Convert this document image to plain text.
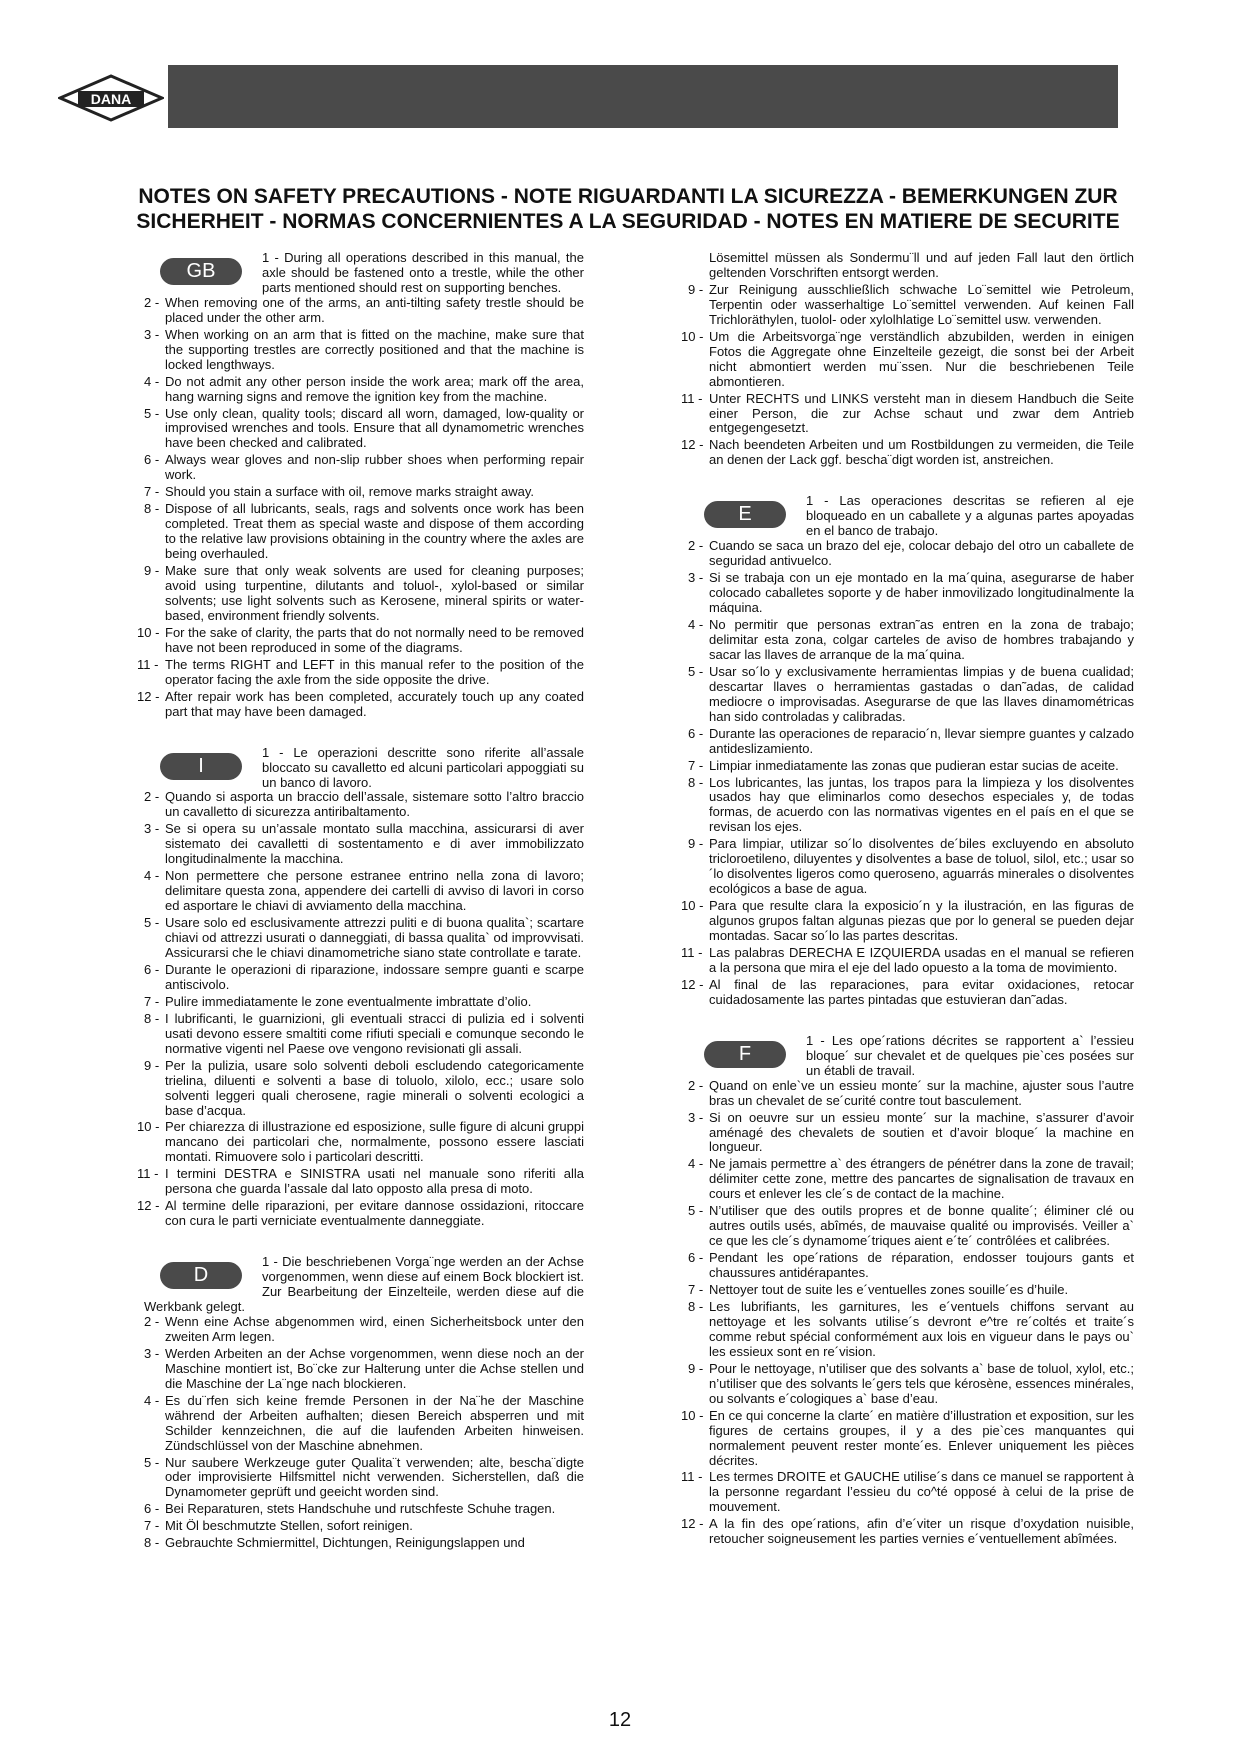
DANA
NOTES ON SAFETY PRECAUTIONS - NOTE RIGUARDANTI LA SICUREZZA - BEMERKUNGEN ZUR SICHERHEIT - NORMAS CONCERNIENTES A LA SEGURIDAD - NOTES EN MATIERE DE SECURITE
GB
1 - During all operations described in this manual, the axle should be fastened onto a trestle, while the other parts mentioned should rest on supporting benches.
2 - When removing one of the arms, an anti-tilting safety trestle should be placed under the other arm.
3 - When working on an arm that is fitted on the machine, make sure that the supporting trestles are correctly positioned and that the machine is locked lengthways.
4 - Do not admit any other person inside the work area; mark off the area, hang warning signs and remove the ignition key from the machine.
5 - Use only clean, quality tools; discard all worn, damaged, low-quality or improvised wrenches and tools. Ensure that all dynamometric wrenches have been checked and calibrated.
6 - Always wear gloves and non-slip rubber shoes when performing repair work.
7 - Should you stain a surface with oil, remove marks straight away.
8 - Dispose of all lubricants, seals, rags and solvents once work has been completed. Treat them as special waste and dispose of them according to the relative law provisions obtaining in the country where the axles are being overhauled.
9 - Make sure that only weak solvents are used for cleaning purposes; avoid using turpentine, dilutants and toluol-, xylol-based or similar solvents; use light solvents such as Kerosene, mineral spirits or water-based, environment friendly solvents.
10 - For the sake of clarity, the parts that do not normally need to be removed have not been reproduced in some of the diagrams.
11 - The terms RIGHT and LEFT in this manual refer to the position of the operator facing the axle from the side opposite the drive.
12 - After repair work has been completed, accurately touch up any coated part that may have been damaged.
I
1 - Le operazioni descritte sono riferite all’assale bloccato su cavalletto ed alcuni particolari appoggiati su un banco di lavoro.
2 - Quando si asporta un braccio dell’assale, sistemare sotto l’altro braccio un cavalletto di sicurezza antiribaltamento.
3 - Se si opera su un’assale montato sulla macchina, assicurarsi di aver sistemato dei cavalletti di sostentamento e di aver immobilizzato longitudinalmente la macchina.
4 - Non permettere che persone estranee entrino nella zona di lavoro; delimitare questa zona, appendere dei cartelli di avviso di lavori in corso ed asportare le chiavi di avviamento della macchina.
5 - Usare solo ed esclusivamente attrezzi puliti e di buona qualita`; scartare chiavi od attrezzi usurati o danneggiati, di bassa qualita` od improvvisati. Assicurarsi che le chiavi dinamometriche siano state controllate e tarate.
6 - Durante le operazioni di riparazione, indossare sempre guanti e scarpe antiscivolo.
7 - Pulire immediatamente le zone eventualmente imbrattate d’olio.
8 - I lubrificanti, le guarnizioni, gli eventuali stracci di pulizia ed i solventi usati devono essere smaltiti come rifiuti speciali e comunque secondo le normative vigenti nel Paese ove vengono revisionati gli assali.
9 - Per la pulizia, usare solo solventi deboli escludendo categoricamente trielina, diluenti e solventi a base di toluolo, xilolo, ecc.; usare solo solventi leggeri quali cherosene, ragie minerali o solventi ecologici a base d’acqua.
10 - Per chiarezza di illustrazione ed esposizione, sulle figure di alcuni gruppi mancano dei particolari che, normalmente, possono essere lasciati montati. Rimuovere solo i particolari descritti.
11 - I termini DESTRA e SINISTRA usati nel manuale sono riferiti alla persona che guarda l’assale dal lato opposto alla presa di moto.
12 - Al termine delle riparazioni, per evitare dannose ossidazioni, ritoccare con cura le parti verniciate eventualmente danneggiate.
D
1 - Die beschriebenen Vorga¨nge werden an der Achse vorgenommen, wenn diese auf einem Bock blockiert ist. Zur Bearbeitung der Einzelteile, werden diese auf die Werkbank gelegt.
2 - Wenn eine Achse abgenommen wird, einen Sicherheitsbock unter den zweiten Arm legen.
3 - Werden Arbeiten an der Achse vorgenommen, wenn diese noch an der Maschine montiert ist, Bo¨cke zur Halterung unter die Achse stellen und die Maschine der La¨nge nach blockieren.
4 - Es du¨rfen sich keine fremde Personen in der Na¨he der Maschine während der Arbeiten aufhalten; diesen Bereich absperren und mit Schilder kennzeichnen, die auf die laufenden Arbeiten hinweisen. Zündschlüssel von der Maschine abnehmen.
5 - Nur saubere Werkzeuge guter Qualita¨t verwenden; alte, bescha¨digte oder improvisierte Hilfsmittel nicht verwenden. Sicherstellen, daß die Dynamometer geprüft und geeicht worden sind.
6 - Bei Reparaturen, stets Handschuhe und rutschfeste Schuhe tragen.
7 - Mit Öl beschmutzte Stellen, sofort reinigen.
8 - Gebrauchte Schmiermittel, Dichtungen, Reinigungslappen und

Lösemittel müssen als Sondermu¨ll und auf jeden Fall laut den örtlich geltenden Vorschriften entsorgt werden.

9 - Zur Reinigung ausschließlich schwache Lo¨semittel wie Petroleum, Terpentin oder wasserhaltige Lo¨semittel verwenden. Auf keinen Fall Trichloräthylen, tuolol- oder xylolhlatige Lo¨semittel usw. verwenden.
10 - Um die Arbeitsvorga¨nge verständlich abzubilden, werden in einigen Fotos die Aggregate ohne Einzelteile gezeigt, die sonst bei der Arbeit nicht abmontiert werden mu¨ssen. Nur die beschriebenen Teile abmontieren.
11 - Unter RECHTS und LINKS versteht man in diesem Handbuch die Seite einer Person, die zur Achse schaut und zwar dem Antrieb entgegengesetzt.
12 - Nach beendeten Arbeiten und um Rostbildungen zu vermeiden, die Teile an denen der Lack ggf. bescha¨digt worden ist, anstreichen.
E
1 - Las operaciones descritas se refieren al eje bloqueado en un caballete y a algunas partes apoyadas en el banco de trabajo.
2 - Cuando se saca un brazo del eje, colocar debajo del otro un caballete de seguridad antivuelco.
3 - Si se trabaja con un eje montado en la ma´quina, asegurarse de haber colocado caballetes soporte y de haber inmovilizado longitudinalmente la máquina.
4 - No permitir que personas extran˜as entren en la zona de trabajo; delimitar esta zona, colgar carteles de aviso de hombres trabajando y sacar las llaves de arranque de la ma´quina.
5 - Usar so´lo y exclusivamente herramientas limpias y de buena cualidad; descartar llaves o herramientas gastadas o dan˜adas, de calidad mediocre o improvisadas. Asegurarse de que las llaves dinamométricas han sido controladas y calibradas.
6 - Durante las operaciones de reparacio´n, llevar siempre guantes y calzado antideslizamiento.
7 - Limpiar inmediatamente las zonas que pudieran estar sucias de aceite.
8 - Los lubricantes, las juntas, los trapos para la limpieza y los disolventes usados hay que eliminarlos como desechos especiales y, de todas formas, de acuerdo con las normativas vigentes en el país en el que se revisan los ejes.
9 - Para limpiar, utilizar so´lo disolventes de´biles excluyendo en absoluto tricloroetileno, diluyentes y disolventes a base de toluol, silol, etc.; usar so´lo disolventes ligeros como queroseno, aguarrás minerales o disolventes ecológicos a base de agua.
10 - Para que resulte clara la exposicio´n y la ilustración, en las figuras de algunos grupos faltan algunas piezas que por lo general se pueden dejar montadas. Sacar so´lo las partes descritas.
11 - Las palabras DERECHA E IZQUIERDA usadas en el manual se refieren a la persona que mira el eje del lado opuesto a la toma de movimiento.
12 - Al final de las reparaciones, para evitar oxidaciones, retocar cuidadosamente las partes pintadas que estuvieran dan˜adas.
F
1 - Les ope´rations décrites se rapportent a` l’essieu bloque´ sur chevalet et de quelques pie`ces posées sur un établi de travail.
2 - Quand on enle`ve un essieu monte´ sur la machine, ajuster sous l’autre bras un chevalet de se´curité contre tout basculement.
3 - Si on oeuvre sur un essieu monte´ sur la machine, s’assurer d’avoir aménagé des chevalets de soutien et d’avoir bloque´ la machine en longueur.
4 - Ne jamais permettre a` des étrangers de pénétrer dans la zone de travail; délimiter cette zone, mettre des pancartes de signalisation de travaux en cours et enlever les cle´s de contact de la machine.
5 - N’utiliser que des outils propres et de bonne qualite´; éliminer clé ou autres outils usés, abîmés, de mauvaise qualité ou improvisés. Veiller a` ce que les cle´s dynamome´triques aient e´te´ contrôlées et calibrées.
6 - Pendant les ope´rations de réparation, endosser toujours gants et chaussures antidérapantes.
7 - Nettoyer tout de suite les e´ventuelles zones souille´es d’huile.
8 - Les lubrifiants, les garnitures, les e´ventuels chiffons servant au nettoyage et les solvants utilise´s devront e^tre re´coltés et traite´s comme rebut spécial conformément aux lois en vigueur dans le pays ou` les essieux sont en re´vision.
9 - Pour le nettoyage, n’utiliser que des solvants a` base de toluol, xylol, etc.; n’utiliser que des solvants le´gers tels que kérosène, essences minérales, ou solvants e´cologiques a` base d’eau.
10 - En ce qui concerne la clarte´ en matière d’illustration et exposition, sur les figures de certains groupes, il y a des pie`ces manquantes qui normalement peuvent rester monte´es. Enlever uniquement les pièces décrites.
11 - Les termes DROITE et GAUCHE utilise´s dans ce manuel se rapportent à la personne regardant l’essieu du co^té opposé à celui de la prise de mouvement.
12 - A la fin des ope´rations, afin d’e´viter un risque d’oxydation nuisible, retoucher soigneusement les parties vernies e´ventuellement abîmées.
12
